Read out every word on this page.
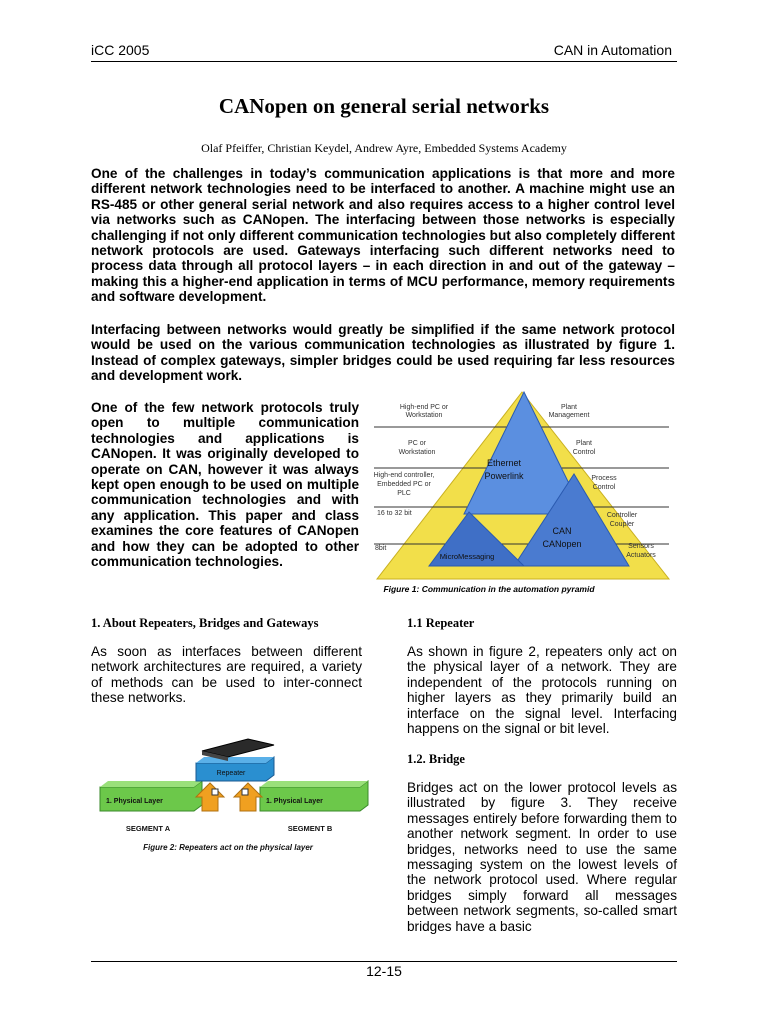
iCC 2005	CAN in Automation
CANopen on general serial networks
Olaf Pfeiffer, Christian Keydel, Andrew Ayre, Embedded Systems Academy
One of the challenges in today’s communication applications is that more and more different network technologies need to be interfaced to another. A machine might use an RS-485 or other general serial network and also requires access to a higher control level via networks such as CANopen. The interfacing between those networks is especially challenging if not only different communication technologies but also completely different network protocols are used. Gateways interfacing such different networks need to process data through all protocol layers – in each direction in and out of the gateway – making this a higher-end application in terms of MCU performance, memory requirements and software development.
Interfacing between networks would greatly be simplified if the same network protocol would be used on the various communication technologies as illustrated by figure 1. Instead of complex gateways, simpler bridges could be used requiring far less resources and development work.
One of the few network protocols truly open to multiple communication technologies and applications is CANopen. It was originally developed to operate on CAN, however it was always kept open enough to be used on multiple communication technologies and with any application. This paper and class examines the core features of CANopen and how they can be adopted to other communication technologies.
High-end PC or
Workstation
PC or
Workstation
High-end controller,
Embedded PC or
PLC
16 to 32 bit
8bit
Plant
Management
Plant
Control
Process
Control
Controller
Coupler
Sensors
Actuators
Ethernet
Powerlink
CAN
CANopen
MicroMessaging
Figure 1: Communication in the automation pyramid
1. About Repeaters, Bridges and Gateways
As soon as interfaces between different network architectures are required, a variety of methods can be used to inter-connect these networks.
1. Physical Layer	1. Physical Layer
Repeater
SEGMENT A	SEGMENT B
Figure 2: Repeaters act on the physical layer
1.1 Repeater
As shown in figure 2, repeaters only act on the physical layer of a network. They are independent of the protocols running on higher layers as they primarily build an interface on the signal level. Interfacing happens on the signal or bit level.
1.2. Bridge
Bridges act on the lower protocol levels as illustrated by figure 3. They receive messages entirely before forwarding them to another network segment. In order to use bridges, networks need to use the same messaging system on the lowest levels of the network protocol used. Where regular bridges simply forward all messages between network segments, so-called smart bridges have a basic
12-15
